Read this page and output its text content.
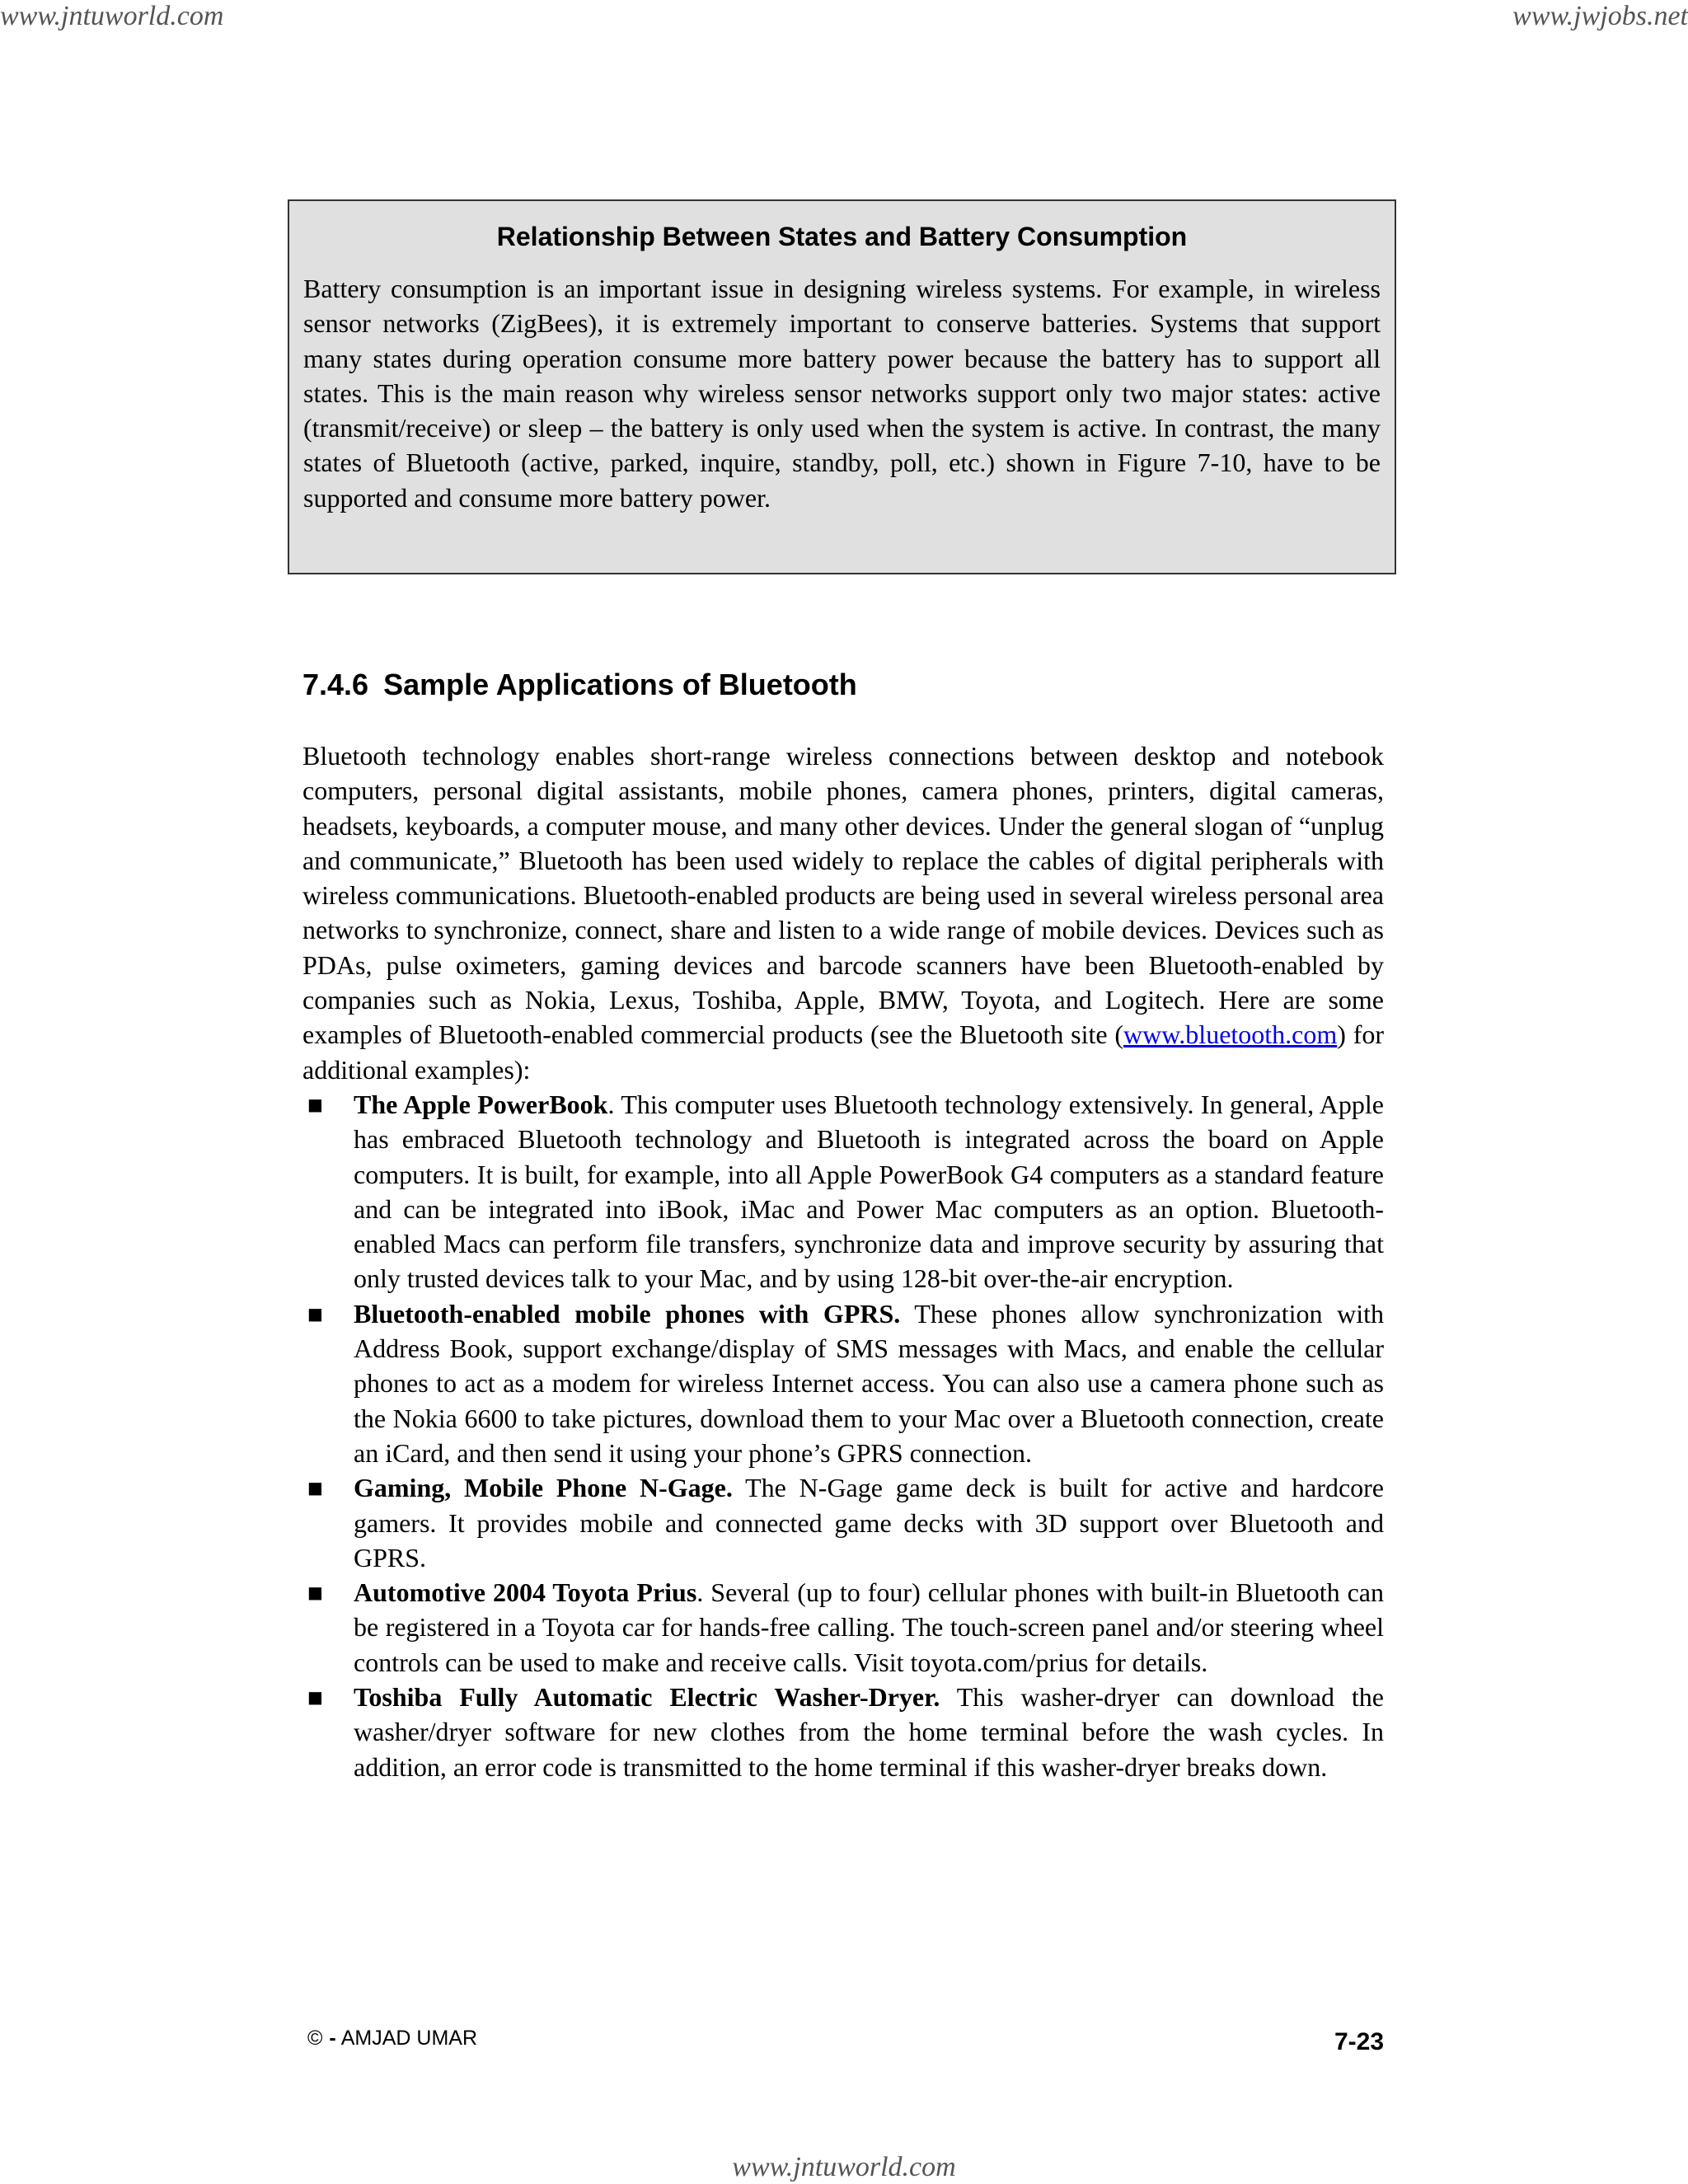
www.jntuworld.com	www.jwjobs.net

Relationship Between States and Battery Consumption

Battery consumption is an important issue in designing wireless systems. For example, in wireless sensor networks (ZigBees), it is extremely important to conserve batteries. Systems that support many states during operation consume more battery power because the battery has to support all states. This is the main reason why wireless sensor networks support only two major states: active (transmit/receive) or sleep – the battery is only used when the system is active. In contrast, the many states of Bluetooth (active, parked, inquire, standby, poll, etc.) shown in Figure 7-10, have to be supported and consume more battery power.

7.4.6 Sample Applications of Bluetooth

Bluetooth technology enables short-range wireless connections between desktop and notebook computers, personal digital assistants, mobile phones, camera phones, printers, digital cameras, headsets, keyboards, a computer mouse, and many other devices. Under the general slogan of “unplug and communicate,” Bluetooth has been used widely to replace the cables of digital peripherals with wireless communications. Bluetooth-enabled products are being used in several wireless personal area networks to synchronize, connect, share and listen to a wide range of mobile devices. Devices such as PDAs, pulse oximeters, gaming devices and barcode scanners have been Bluetooth-enabled by companies such as Nokia, Lexus, Toshiba, Apple, BMW, Toyota, and Logitech. Here are some examples of Bluetooth-enabled commercial products (see the Bluetooth site (www.bluetooth.com) for additional examples):

■ The Apple PowerBook. This computer uses Bluetooth technology extensively. In general, Apple has embraced Bluetooth technology and Bluetooth is integrated across the board on Apple computers. It is built, for example, into all Apple PowerBook G4 computers as a standard feature and can be integrated into iBook, iMac and Power Mac computers as an option. Bluetooth-enabled Macs can perform file transfers, synchronize data and improve security by assuring that only trusted devices talk to your Mac, and by using 128-bit over-the-air encryption.
■ Bluetooth-enabled mobile phones with GPRS. These phones allow synchronization with Address Book, support exchange/display of SMS messages with Macs, and enable the cellular phones to act as a modem for wireless Internet access. You can also use a camera phone such as the Nokia 6600 to take pictures, download them to your Mac over a Bluetooth connection, create an iCard, and then send it using your phone’s GPRS connection.
■ Gaming, Mobile Phone N-Gage. The N-Gage game deck is built for active and hardcore gamers. It provides mobile and connected game decks with 3D support over Bluetooth and GPRS.
■ Automotive 2004 Toyota Prius. Several (up to four) cellular phones with built-in Bluetooth can be registered in a Toyota car for hands-free calling. The touch-screen panel and/or steering wheel controls can be used to make and receive calls. Visit toyota.com/prius for details.
■ Toshiba Fully Automatic Electric Washer-Dryer. This washer-dryer can download the washer/dryer software for new clothes from the home terminal before the wash cycles. In addition, an error code is transmitted to the home terminal if this washer-dryer breaks down.
© - AMJAD UMAR	7-23
www.jntuworld.com
